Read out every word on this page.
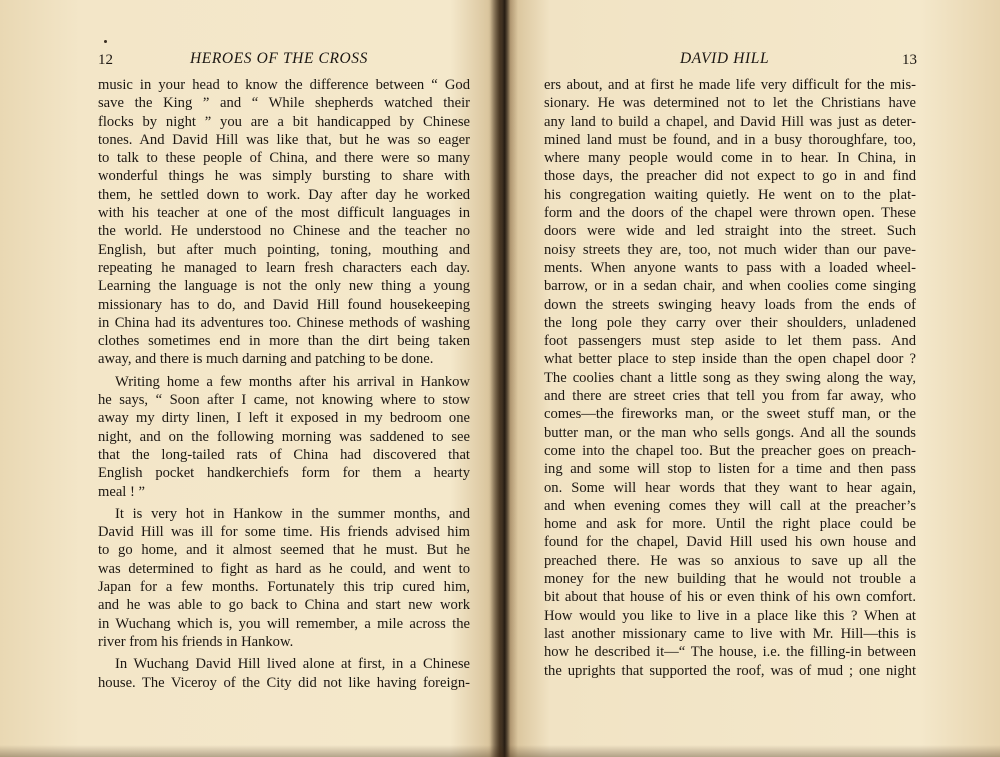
12	HEROES OF THE CROSS
music in your head to know the difference between “ God
save the King ” and “ While shepherds watched their
flocks by night ” you are a bit handicapped by Chinese
tones. And David Hill was like that, but he was so eager
to talk to these people of China, and there were so many
wonderful things he was simply bursting to share with
them, he settled down to work. Day after day he worked
with his teacher at one of the most difficult languages in
the world. He understood no Chinese and the teacher no
English, but after much pointing, toning, mouthing and
repeating he managed to learn fresh characters each day.
Learning the language is not the only new thing a young
missionary has to do, and David Hill found housekeeping
in China had its adventures too. Chinese methods of washing
clothes sometimes end in more than the dirt being taken
away, and there is much darning and patching to be done.
Writing home a few months after his arrival in Hankow
he says, “ Soon after I came, not knowing where to stow
away my dirty linen, I left it exposed in my bedroom one
night, and on the following morning was saddened to see
that the long-tailed rats of China had discovered that
English pocket handkerchiefs form for them a hearty
meal ! ”
It is very hot in Hankow in the summer months, and
David Hill was ill for some time. His friends advised him
to go home, and it almost seemed that he must. But he
was determined to fight as hard as he could, and went to
Japan for a few months. Fortunately this trip cured him,
and he was able to go back to China and start new work
in Wuchang which is, you will remember, a mile across the
river from his friends in Hankow.
In Wuchang David Hill lived alone at first, in a Chinese
house. The Viceroy of the City did not like having foreign-
DAVID HILL	13
ers about, and at first he made life very difficult for the mis-
sionary. He was determined not to let the Christians have
any land to build a chapel, and David Hill was just as deter-
mined land must be found, and in a busy thoroughfare, too,
where many people would come in to hear. In China, in
those days, the preacher did not expect to go in and find
his congregation waiting quietly. He went on to the plat-
form and the doors of the chapel were thrown open. These
doors were wide and led straight into the street. Such
noisy streets they are, too, not much wider than our pave-
ments. When anyone wants to pass with a loaded wheel-
barrow, or in a sedan chair, and when coolies come singing
down the streets swinging heavy loads from the ends of
the long pole they carry over their shoulders, unladened
foot passengers must step aside to let them pass. And
what better place to step inside than the open chapel door ?
The coolies chant a little song as they swing along the way,
and there are street cries that tell you from far away, who
comes—the fireworks man, or the sweet stuff man, or the
butter man, or the man who sells gongs. And all the sounds
come into the chapel too. But the preacher goes on preach-
ing and some will stop to listen for a time and then pass
on. Some will hear words that they want to hear again,
and when evening comes they will call at the preacher’s
home and ask for more. Until the right place could be
found for the chapel, David Hill used his own house and
preached there. He was so anxious to save up all the
money for the new building that he would not trouble a
bit about that house of his or even think of his own comfort.
How would you like to live in a place like this ? When at
last another missionary came to live with Mr. Hill—this is
how he described it—“ The house, i.e. the filling-in between
the uprights that supported the roof, was of mud ; one night
